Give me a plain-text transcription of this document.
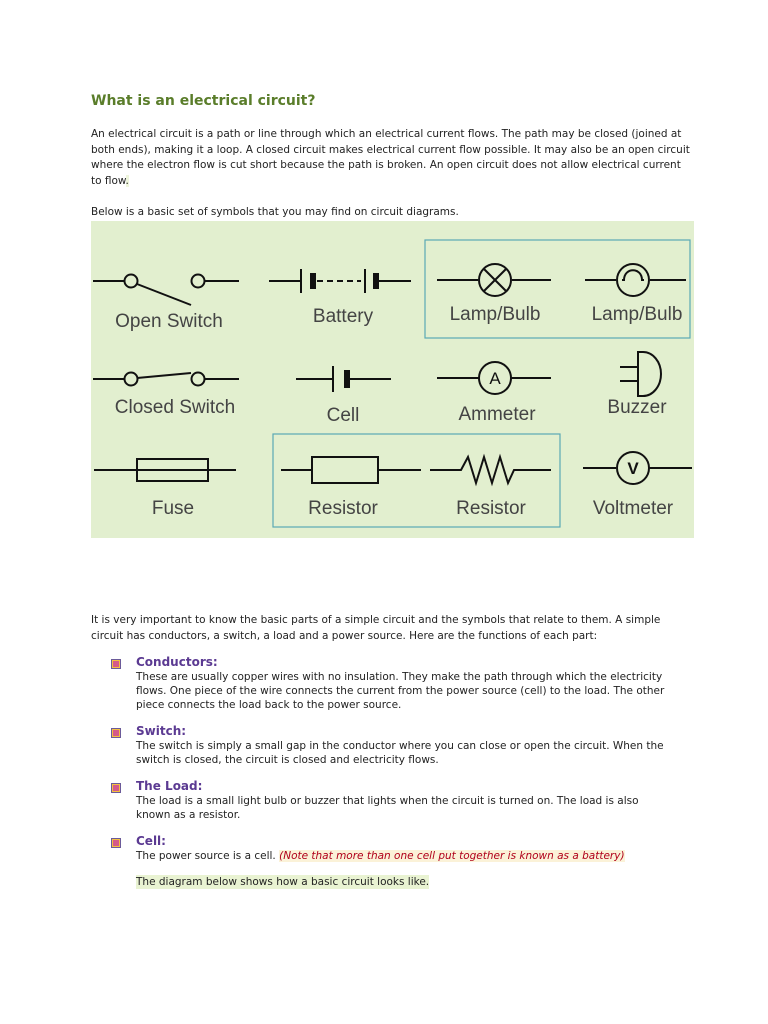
What is an electrical circuit?
An electrical circuit is a path or line through which an electrical current flows. The path may be closed (joined at both ends), making it a loop. A closed circuit makes electrical current flow possible. It may also be an open circuit where the electron flow is cut short because the path is broken. An open circuit does not allow electrical current to flow.
Below is a basic set of symbols that you may find on circuit diagrams.
A
V
Open Switch	Battery	Lamp/Bulb	Lamp/Bulb
Closed Switch	Cell	Ammeter	Buzzer
Fuse	Resistor	Resistor	Voltmeter
It is very important to know the basic parts of a simple circuit and the symbols that relate to them. A simple circuit has conductors, a switch, a load and a power source. Here are the functions of each part:
Conductors:
These are usually copper wires with no insulation. They make the path through which the electricity flows. One piece of the wire connects the current from the power source (cell) to the load. The other piece connects the load back to the power source.
Switch:
The switch is simply a small gap in the conductor where you can close or open the circuit. When the switch is closed, the circuit is closed and electricity flows.
The Load:
The load is a small light bulb or buzzer that lights when the circuit is turned on. The load is also known as a resistor.
Cell:
The power source is a cell. (Note that more than one cell put together is known as a battery)
The diagram below shows how a basic circuit looks like.
